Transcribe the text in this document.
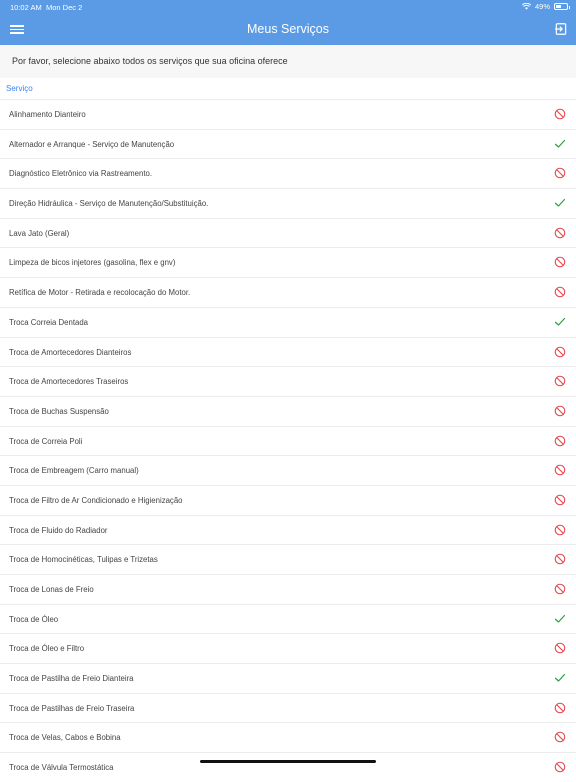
10:02 AM Mon Dec 2	49%
Meus Serviços
Por favor, selecione abaixo todos os serviços que sua oficina oferece
Serviço
Alinhamento Dianteiro
Alternador e Arranque - Serviço de Manutenção
Diagnóstico Eletrônico via Rastreamento.
Direção Hidráulica - Serviço de Manutenção/Substituição.
Lava Jato (Geral)
Limpeza de bicos injetores (gasolina, flex e gnv)
Retífica de Motor - Retirada e recolocação do Motor.
Troca Correia Dentada
Troca de Amortecedores Dianteiros
Troca de Amortecedores Traseiros
Troca de Buchas Suspensão
Troca de Correia Poli
Troca de Embreagem (Carro manual)
Troca de Filtro de Ar Condicionado e Higienização
Troca de Fluido do Radiador
Troca de Homocinéticas, Tulipas e Trizetas
Troca de Lonas de Freio
Troca de Óleo
Troca de Óleo e Filtro
Troca de Pastilha de Freio Dianteira
Troca de Pastilhas de Freio Traseira
Troca de Velas, Cabos e Bobina
Troca de Válvula Termostática
